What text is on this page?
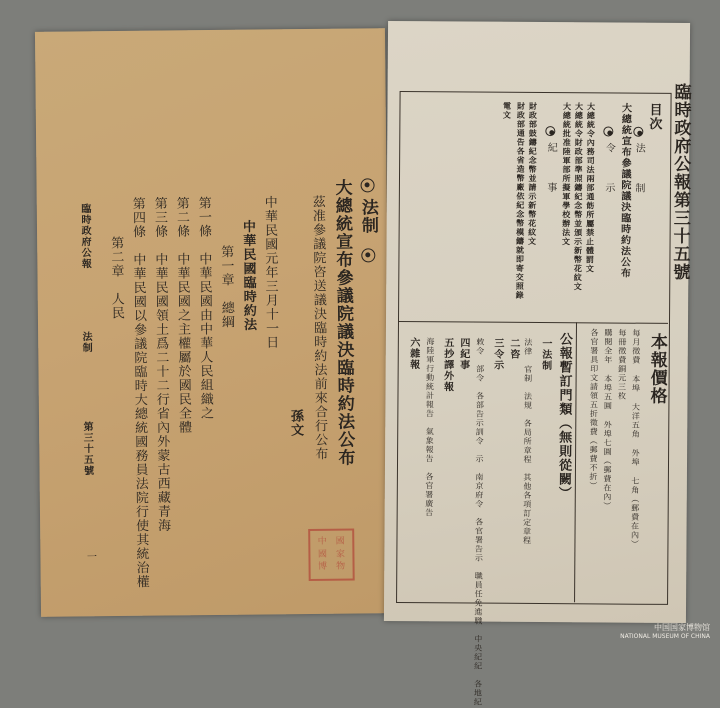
法制
大總統宣布參議院議決臨時約法公布
茲准參議院咨送議決臨時約法前來合行公布
孫文
中華民國元年三月十一日
中華民國臨時約法
第一章　總綱
第一條　中華民國由中華人民組織之
第二條　中華民國之主權屬於國民全體
第三條　中華民國領土爲二十二行省內外蒙古西藏青海
第四條　中華民國以參議院臨時大總統國務員法院行使其統治權
第二章　人民
臨時政府公報
法制
第三十五號
一
中 國
國 家
博 物
臨時政府公報第三十五號
目次
法
制
大總統宣布參議院議決臨時約法公布
令
示
大總統令內務司法兩部通飭所屬禁止體罰文
大總統令財政部準照鑄紀念幣並頒示新幣花紋文
大總統批准陸軍部所擬軍學校辦法文
紀
事
財政部鼓鑄紀念幣並請示新幣花紋文
財政部通告各省造幣廠依紀念幣模鑄就即寄交照錄
電文
本報價格
每月徵費 本埠 大洋五角 外埠 七角（郵費在內）
每冊徵費銅元三枚
購閱全年 本埠五圓 外埠七圓（郵費在內）
各官署具印文請領五折徵費（郵費不折）
公報暫訂門類（無則從闕）
一法制
法律　官制　法規　各局所章程　其他各項訂定章程
二咨
三令示
敕令　部令　各部告示訓令　示　南京府令　各官署告示　職員任免進職　中央紀紀　各地紀
四紀事
五抄譯外報
海陸軍行動統計報告　氣象報告　各官署廣告
六雜報
中国国家博物馆
NATIONAL MUSEUM OF CHINA
